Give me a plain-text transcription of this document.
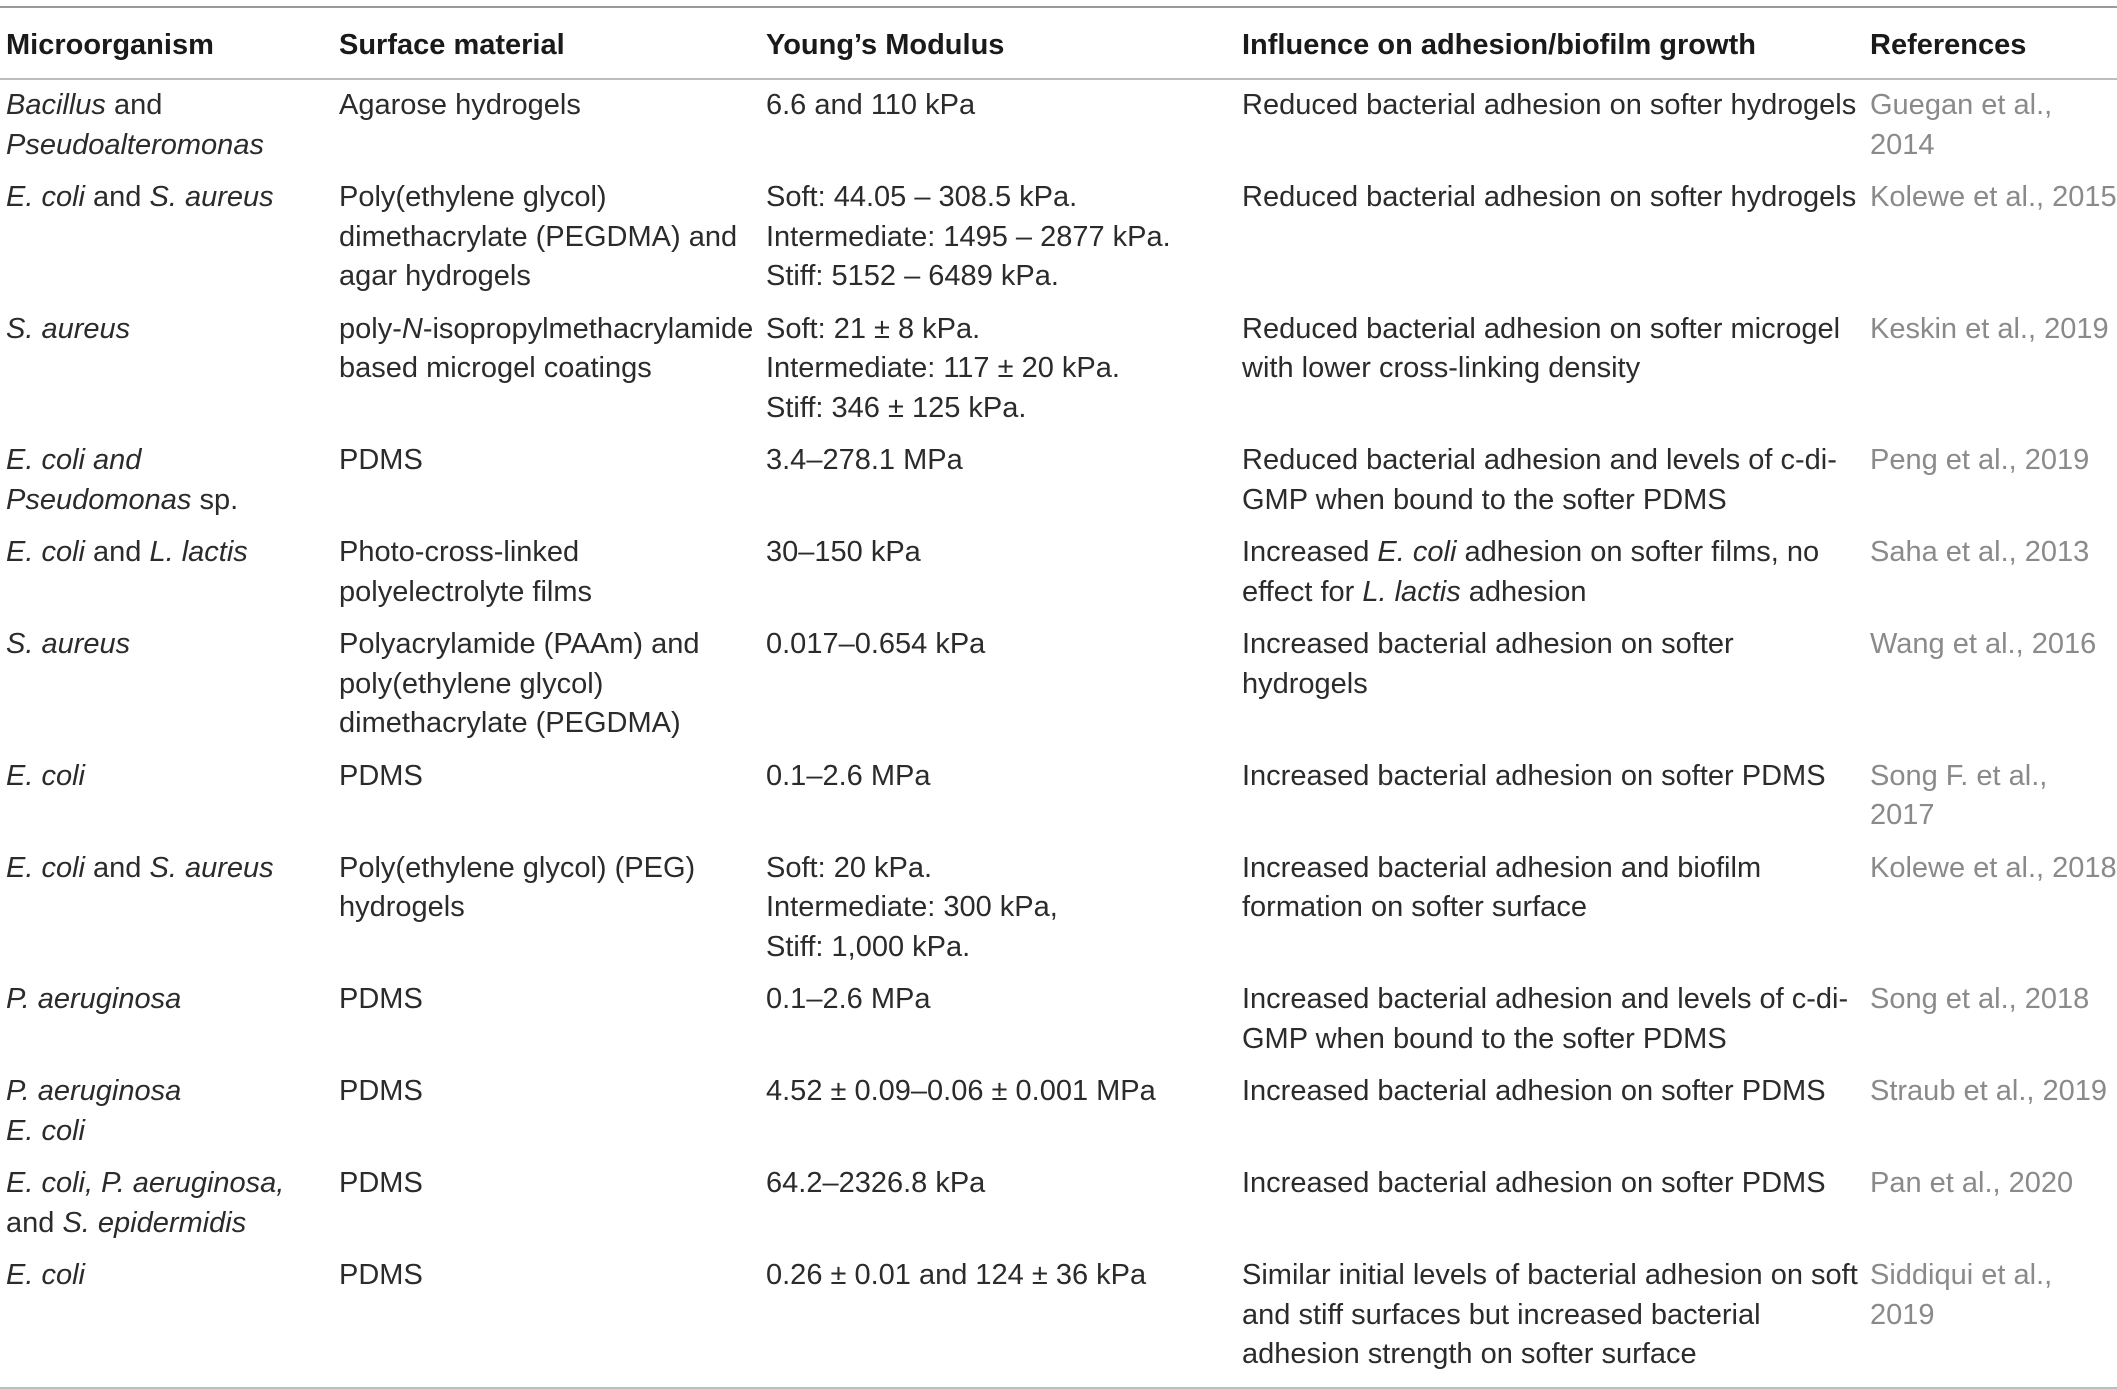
Microorganism	Surface material	Young’s Modulus	Influence on adhesion/biofilm growth	References
Bacillus and Pseudoalteromonas	Agarose hydrogels	6.6 and 110 kPa	Reduced bacterial adhesion on softer hydrogels	Guegan et al., 2014
E. coli and S. aureus	Poly(ethylene glycol) dimethacrylate (PEGDMA) and agar hydrogels	Soft: 44.05 – 308.5 kPa.
Intermediate: 1495 – 2877 kPa.
Stiff: 5152 – 6489 kPa.	Reduced bacterial adhesion on softer hydrogels	Kolewe et al., 2015
S. aureus	poly-N-isopropylmethacrylamide based microgel coatings	Soft: 21 ± 8 kPa.
Intermediate: 117 ± 20 kPa.
Stiff: 346 ± 125 kPa.	Reduced bacterial adhesion on softer microgel with lower cross-linking density	Keskin et al., 2019
E. coli and Pseudomonas sp.	PDMS	3.4–278.1 MPa	Reduced bacterial adhesion and levels of c-di-GMP when bound to the softer PDMS	Peng et al., 2019
E. coli and L. lactis	Photo-cross-linked polyelectrolyte films	30–150 kPa	Increased E. coli adhesion on softer films, no effect for L. lactis adhesion	Saha et al., 2013
S. aureus	Polyacrylamide (PAAm) and poly(ethylene glycol) dimethacrylate (PEGDMA)	0.017–0.654 kPa	Increased bacterial adhesion on softer hydrogels	Wang et al., 2016
E. coli	PDMS	0.1–2.6 MPa	Increased bacterial adhesion on softer PDMS	Song F. et al., 2017
E. coli and S. aureus	Poly(ethylene glycol) (PEG) hydrogels	Soft: 20 kPa.
Intermediate: 300 kPa,
Stiff: 1,000 kPa.	Increased bacterial adhesion and biofilm formation on softer surface	Kolewe et al., 2018
P. aeruginosa	PDMS	0.1–2.6 MPa	Increased bacterial adhesion and levels of c-di-GMP when bound to the softer PDMS	Song et al., 2018

P. aeruginosa
E. coli	PDMS	4.52 ± 0.09–0.06 ± 0.001 MPa	Increased bacterial adhesion on softer PDMS	Straub et al., 2019
E. coli, P. aeruginosa, and S. epidermidis	PDMS	64.2–2326.8 kPa	Increased bacterial adhesion on softer PDMS	Pan et al., 2020
E. coli	PDMS	0.26 ± 0.01 and 124 ± 36 kPa	Similar initial levels of bacterial adhesion on soft and stiff surfaces but increased bacterial adhesion strength on softer surface	Siddiqui et al., 2019
